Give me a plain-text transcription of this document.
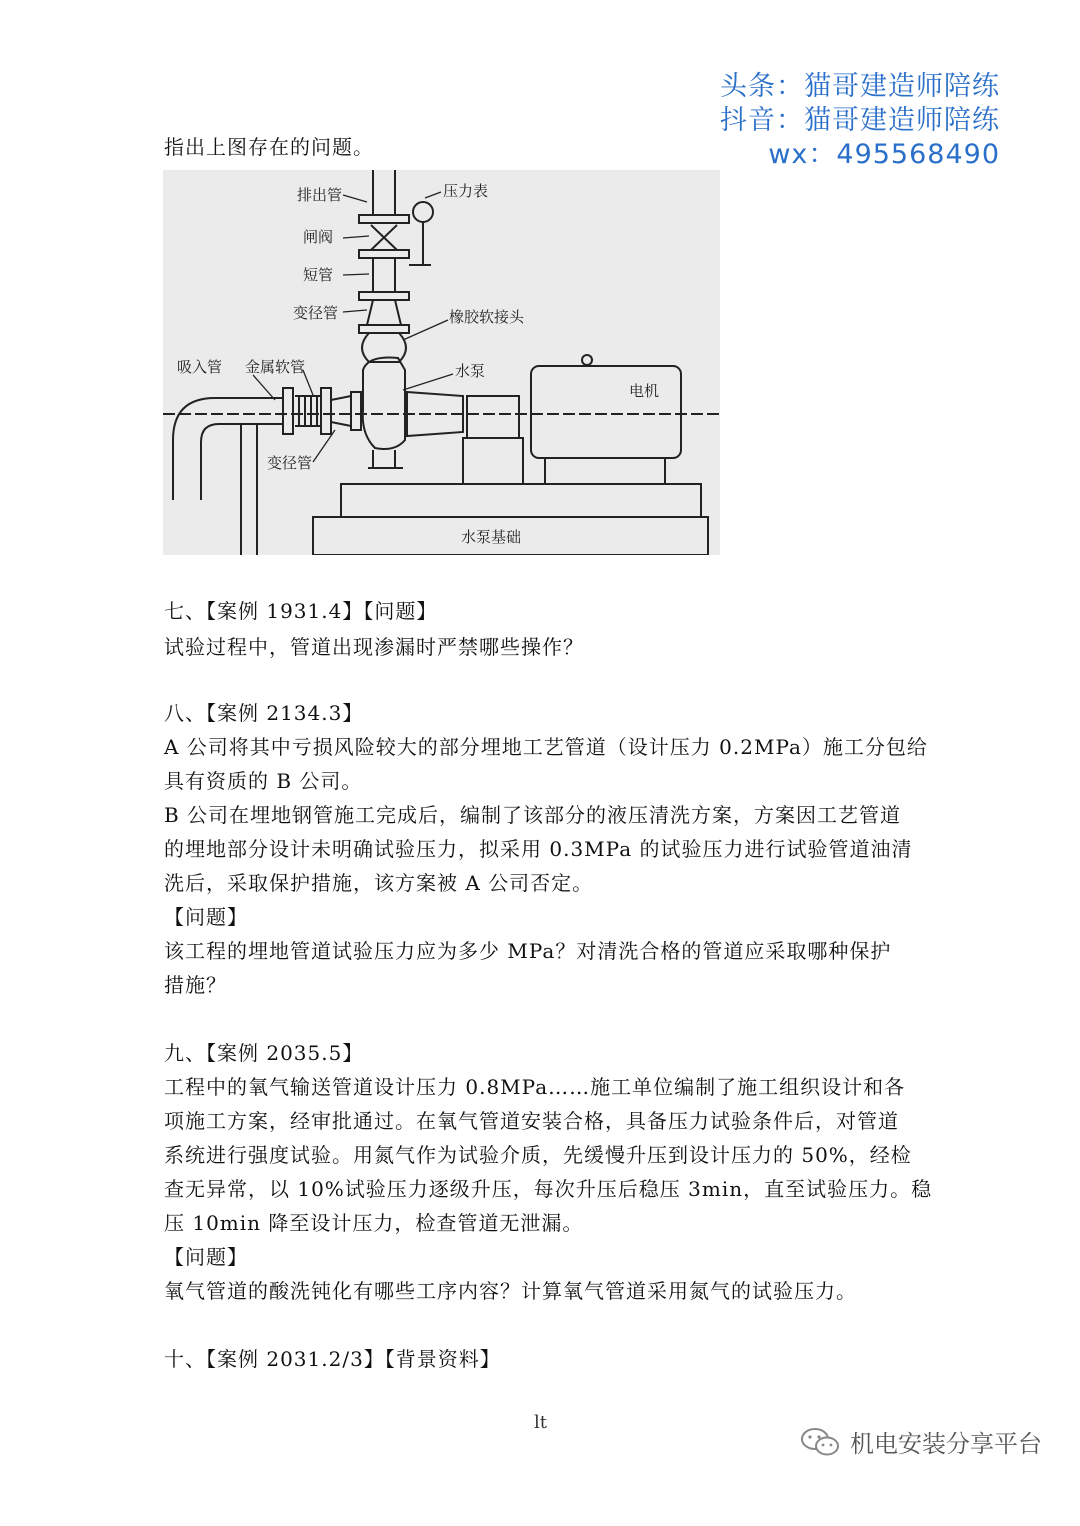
头条：猫哥建造师陪练
抖音：猫哥建造师陪练
wx：495568490
指出上图存在的问题。
排出管
闸阀
短管
变径管
压力表
橡胶软接头
吸入管 金属软管	水泵
电机
变径管
水泵基础
七、【案例 1931.4】【问题】
试验过程中，管道出现渗漏时严禁哪些操作？
八、【案例 2134.3】
A 公司将其中亏损风险较大的部分埋地工艺管道（设计压力 0.2MPa）施工分包给
具有资质的 B 公司。
B 公司在埋地钢管施工完成后，编制了该部分的液压清洗方案，方案因工艺管道
的埋地部分设计未明确试验压力，拟采用 0.3MPa 的试验压力进行试验管道油清
洗后，采取保护措施，该方案被 A 公司否定。
【问题】
该工程的埋地管道试验压力应为多少 MPa？对清洗合格的管道应采取哪种保护
措施？
九、【案例 2035.5】
工程中的氧气输送管道设计压力 0.8MPa……施工单位编制了施工组织设计和各
项施工方案，经审批通过。在氧气管道安装合格，具备压力试验条件后，对管道
系统进行强度试验。用氮气作为试验介质，先缓慢升压到设计压力的 50%，经检
查无异常，以 10%试验压力逐级升压，每次升压后稳压 3min，直至试验压力。稳
压 10min 降至设计压力，检查管道无泄漏。
【问题】
氧气管道的酸洗钝化有哪些工序内容？计算氧气管道采用氮气的试验压力。
十、【案例 2031.2/3】【背景资料】
lt
机电安装分享平台
